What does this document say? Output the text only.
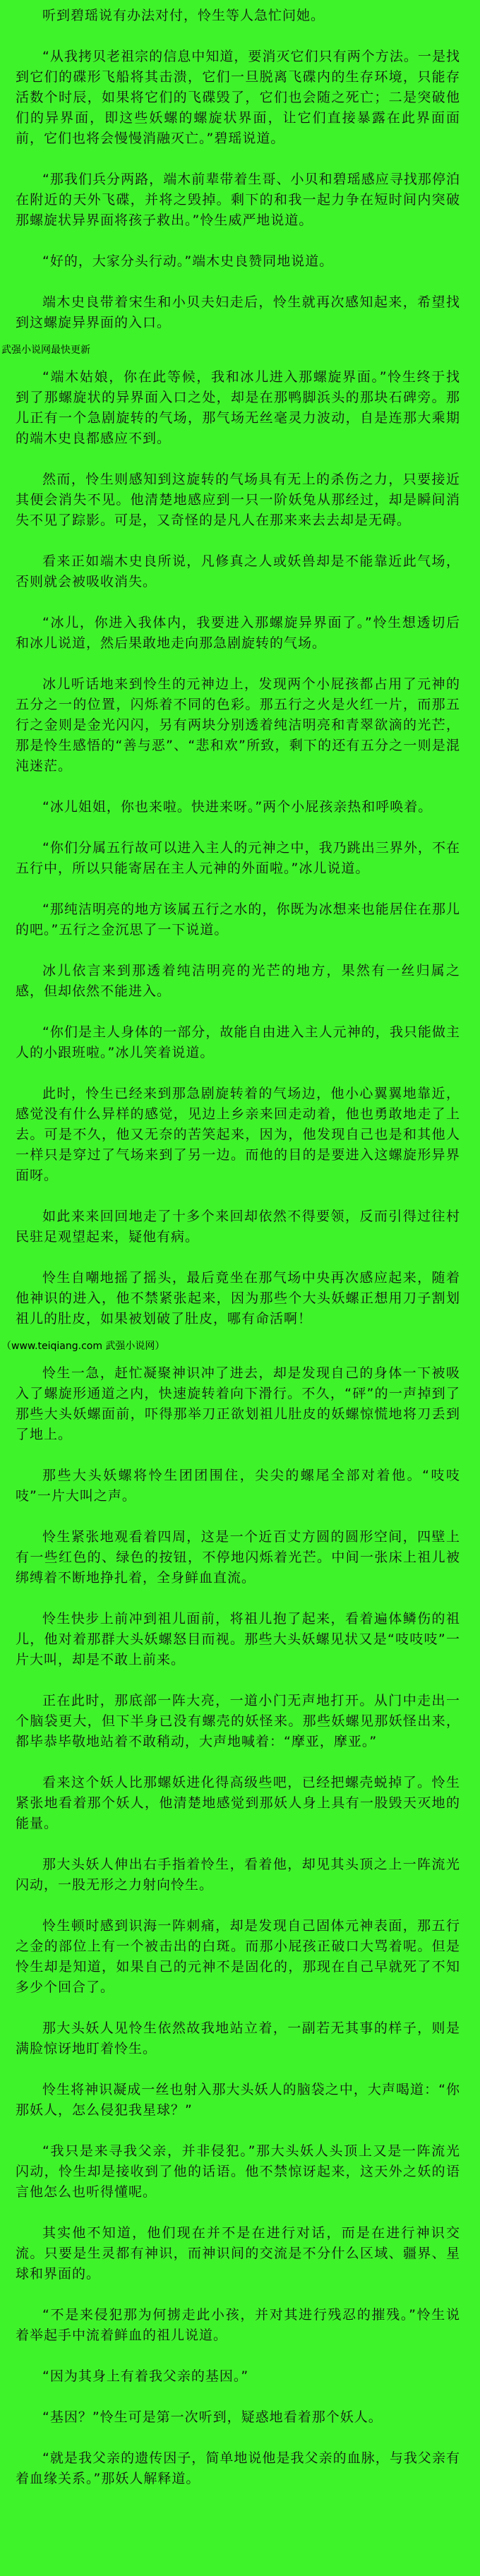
听到碧瑶说有办法对付，怜生等人急忙问她。

“从我拷贝老祖宗的信息中知道，要消灭它们只有两个方法。一是找到它们的碟形飞船将其击溃，它们一旦脱离飞碟内的生存环境，只能存活数个时辰，如果将它们的飞碟毁了，它们也会随之死亡；二是突破他们的异界面，即这些妖螺的螺旋状界面，让它们直接暴露在此界面面前，它们也将会慢慢消融灭亡。”碧瑶说道。

“那我们兵分两路，端木前辈带着生哥、小贝和碧瑶感应寻找那停泊在附近的天外飞碟，并将之毁掉。剩下的和我一起力争在短时间内突破那螺旋状异界面将孩子救出。”怜生威严地说道。

“好的，大家分头行动。”端木史良赞同地说道。

端木史良带着宋生和小贝夫妇走后，怜生就再次感知起来，希望找到这螺旋异界面的入口。

武强小说网最快更新

“端木姑娘，你在此等候，我和冰儿进入那螺旋界面。”怜生终于找到了那螺旋状的异界面入口之处，却是在那鸭脚浜头的那块石碑旁。那儿正有一个急剧旋转的气场，那气场无丝毫灵力波动，自是连那大乘期的端木史良都感应不到。

然而，怜生则感知到这旋转的气场具有无上的杀伤之力，只要接近其便会消失不见。他清楚地感应到一只一阶妖兔从那经过，却是瞬间消失不见了踪影。可是，又奇怪的是凡人在那来来去去却是无碍。

看来正如端木史良所说，凡修真之人或妖兽却是不能靠近此气场，否则就会被吸收消失。

“冰儿，你进入我体内，我要进入那螺旋异界面了。”怜生想透切后和冰儿说道，然后果敢地走向那急剧旋转的气场。

冰儿听话地来到怜生的元神边上，发现两个小屁孩都占用了元神的五分之一的位置，闪烁着不同的色彩。那五行之火是火红一片，而那五行之金则是金光闪闪，另有两块分别透着纯洁明亮和青翠欲滴的光芒，那是怜生感悟的“善与恶”、“悲和欢”所致，剩下的还有五分之一则是混沌迷茫。

“冰儿姐姐，你也来啦。快进来呀。”两个小屁孩亲热和呼唤着。

“你们分属五行故可以进入主人的元神之中，我乃跳出三界外，不在五行中，所以只能寄居在主人元神的外面啦。”冰儿说道。

“那纯洁明亮的地方该属五行之水的，你既为冰想来也能居住在那儿的吧。”五行之金沉思了一下说道。

冰儿依言来到那透着纯洁明亮的光芒的地方，果然有一丝归属之感，但却依然不能进入。

“你们是主人身体的一部分，故能自由进入主人元神的，我只能做主人的小跟班啦。”冰儿笑着说道。

此时，怜生已经来到那急剧旋转着的气场边，他小心翼翼地靠近，感觉没有什么异样的感觉，见边上乡亲来回走动着，他也勇敢地走了上去。可是不久，他又无奈的苦笑起来，因为，他发现自己也是和其他人一样只是穿过了气场来到了另一边。而他的目的是要进入这螺旋形异界面呀。

如此来来回回地走了十多个来回却依然不得要领，反而引得过往村民驻足观望起来，疑他有病。

怜生自嘲地摇了摇头，最后竟坐在那气场中央再次感应起来，随着他神识的进入，他不禁紧张起来，因为那些个大头妖螺正想用刀子割划祖儿的肚皮，如果被划破了肚皮，哪有命活啊！

（www.teiqiang.com 武强小说网）

怜生一急，赶忙凝聚神识冲了进去，却是发现自己的身体一下被吸入了螺旋形通道之内，快速旋转着向下滑行。不久，“砰”的一声掉到了那些大头妖螺面前，吓得那举刀正欲划祖儿肚皮的妖螺惊慌地将刀丢到了地上。

那些大头妖螺将怜生团团围住，尖尖的螺尾全部对着他。“吱吱吱”一片大叫之声。

怜生紧张地观看着四周，这是一个近百丈方圆的圆形空间，四壁上有一些红色的、绿色的按钮，不停地闪烁着光芒。中间一张床上祖儿被绑缚着不断地挣扎着，全身鲜血直流。

怜生快步上前冲到祖儿面前，将祖儿抱了起来，看着遍体鳞伤的祖儿，他对着那群大头妖螺怒目而视。那些大头妖螺见状又是“吱吱吱”一片大叫，却是不敢上前来。

正在此时，那底部一阵大亮，一道小门无声地打开。从门中走出一个脑袋更大，但下半身已没有螺壳的妖怪来。那些妖螺见那妖怪出来，都毕恭毕敬地站着不敢稍动，大声地喊着：“摩亚，摩亚。”

看来这个妖人比那螺妖进化得高级些吧，已经把螺壳蜕掉了。怜生紧张地看着那个妖人，他清楚地感觉到那妖人身上具有一股毁天灭地的能量。

那大头妖人伸出右手指着怜生，看着他，却见其头顶之上一阵流光闪动，一股无形之力射向怜生。

怜生顿时感到识海一阵刺痛，却是发现自己固体元神表面，那五行之金的部位上有一个被击出的白斑。而那小屁孩正破口大骂着呢。但是怜生却是知道，如果自己的元神不是固化的，那现在自己早就死了不知多少个回合了。

那大头妖人见怜生依然故我地站立着，一副若无其事的样子，则是满脸惊讶地盯着怜生。

怜生将神识凝成一丝也射入那大头妖人的脑袋之中，大声喝道：“你那妖人，怎么侵犯我星球？”

“我只是来寻我父亲，并非侵犯。”那大头妖人头顶上又是一阵流光闪动，怜生却是接收到了他的话语。他不禁惊讶起来，这天外之妖的语言他怎么也听得懂呢。

其实他不知道，他们现在并不是在进行对话，而是在进行神识交流。只要是生灵都有神识，而神识间的交流是不分什么区域、疆界、星球和界面的。

“不是来侵犯那为何掳走此小孩，并对其进行残忍的摧残。”怜生说着举起手中流着鲜血的祖儿说道。

“因为其身上有着我父亲的基因。”

“基因？”怜生可是第一次听到，疑惑地看着那个妖人。

“就是我父亲的遗传因子，简单地说他是我父亲的血脉，与我父亲有着血缘关系。”那妖人解释道。
